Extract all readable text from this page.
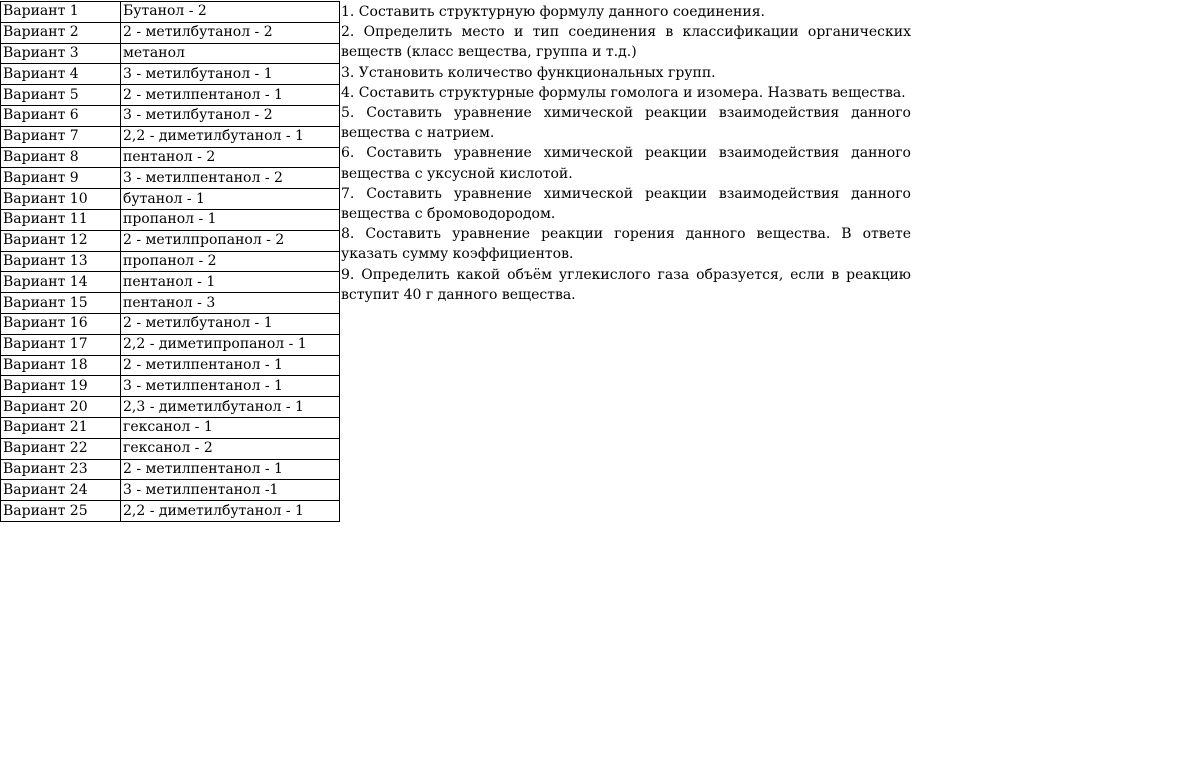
Вариант 1	Бутанол - 2
Вариант 2	2 - метилбутанол - 2
Вариант 3	метанол
Вариант 4	3 - метилбутанол - 1
Вариант 5	2 - метилпентанол - 1
Вариант 6	3 - метилбутанол - 2
Вариант 7	2,2 - диметилбутанол - 1
Вариант 8	пентанол - 2
Вариант 9	3 - метилпентанол - 2
Вариант 10	бутанол - 1
Вариант 11	пропанол - 1
Вариант 12	2 - метилпропанол - 2
Вариант 13	пропанол - 2
Вариант 14	пентанол - 1
Вариант 15	пентанол - 3
Вариант 16	2 - метилбутанол - 1
Вариант 17	2,2 - диметипропанол - 1
Вариант 18	2 - метилпентанол - 1
Вариант 19	3 - метилпентанол - 1
Вариант 20	2,3 - диметилбутанол - 1
Вариант 21	гексанол - 1
Вариант 22	гексанол - 2
Вариант 23	2 - метилпентанол - 1
Вариант 24	3 - метилпентанол -1
Вариант 25	2,2 - диметилбутанол - 1

1. Составить структурную формулу данного соединения.

2. Определить место и тип соединения в классификации органических веществ (класс вещества, группа и т.д.)

3. Установить количество функциональных групп.

4. Составить структурные формулы гомолога и изомера. Назвать вещества.

5. Составить уравнение химической реакции взаимодействия данного вещества с натрием.

6. Составить уравнение химической реакции взаимодействия данного вещества с уксусной кислотой.

7. Составить уравнение химической реакции взаимодействия данного вещества с бромоводородом.

8. Составить уравнение реакции горения данного вещества. В ответе указать сумму коэффициентов.

9. Определить какой объём углекислого газа образуется, если в реакцию вступит 40 г данного вещества.
